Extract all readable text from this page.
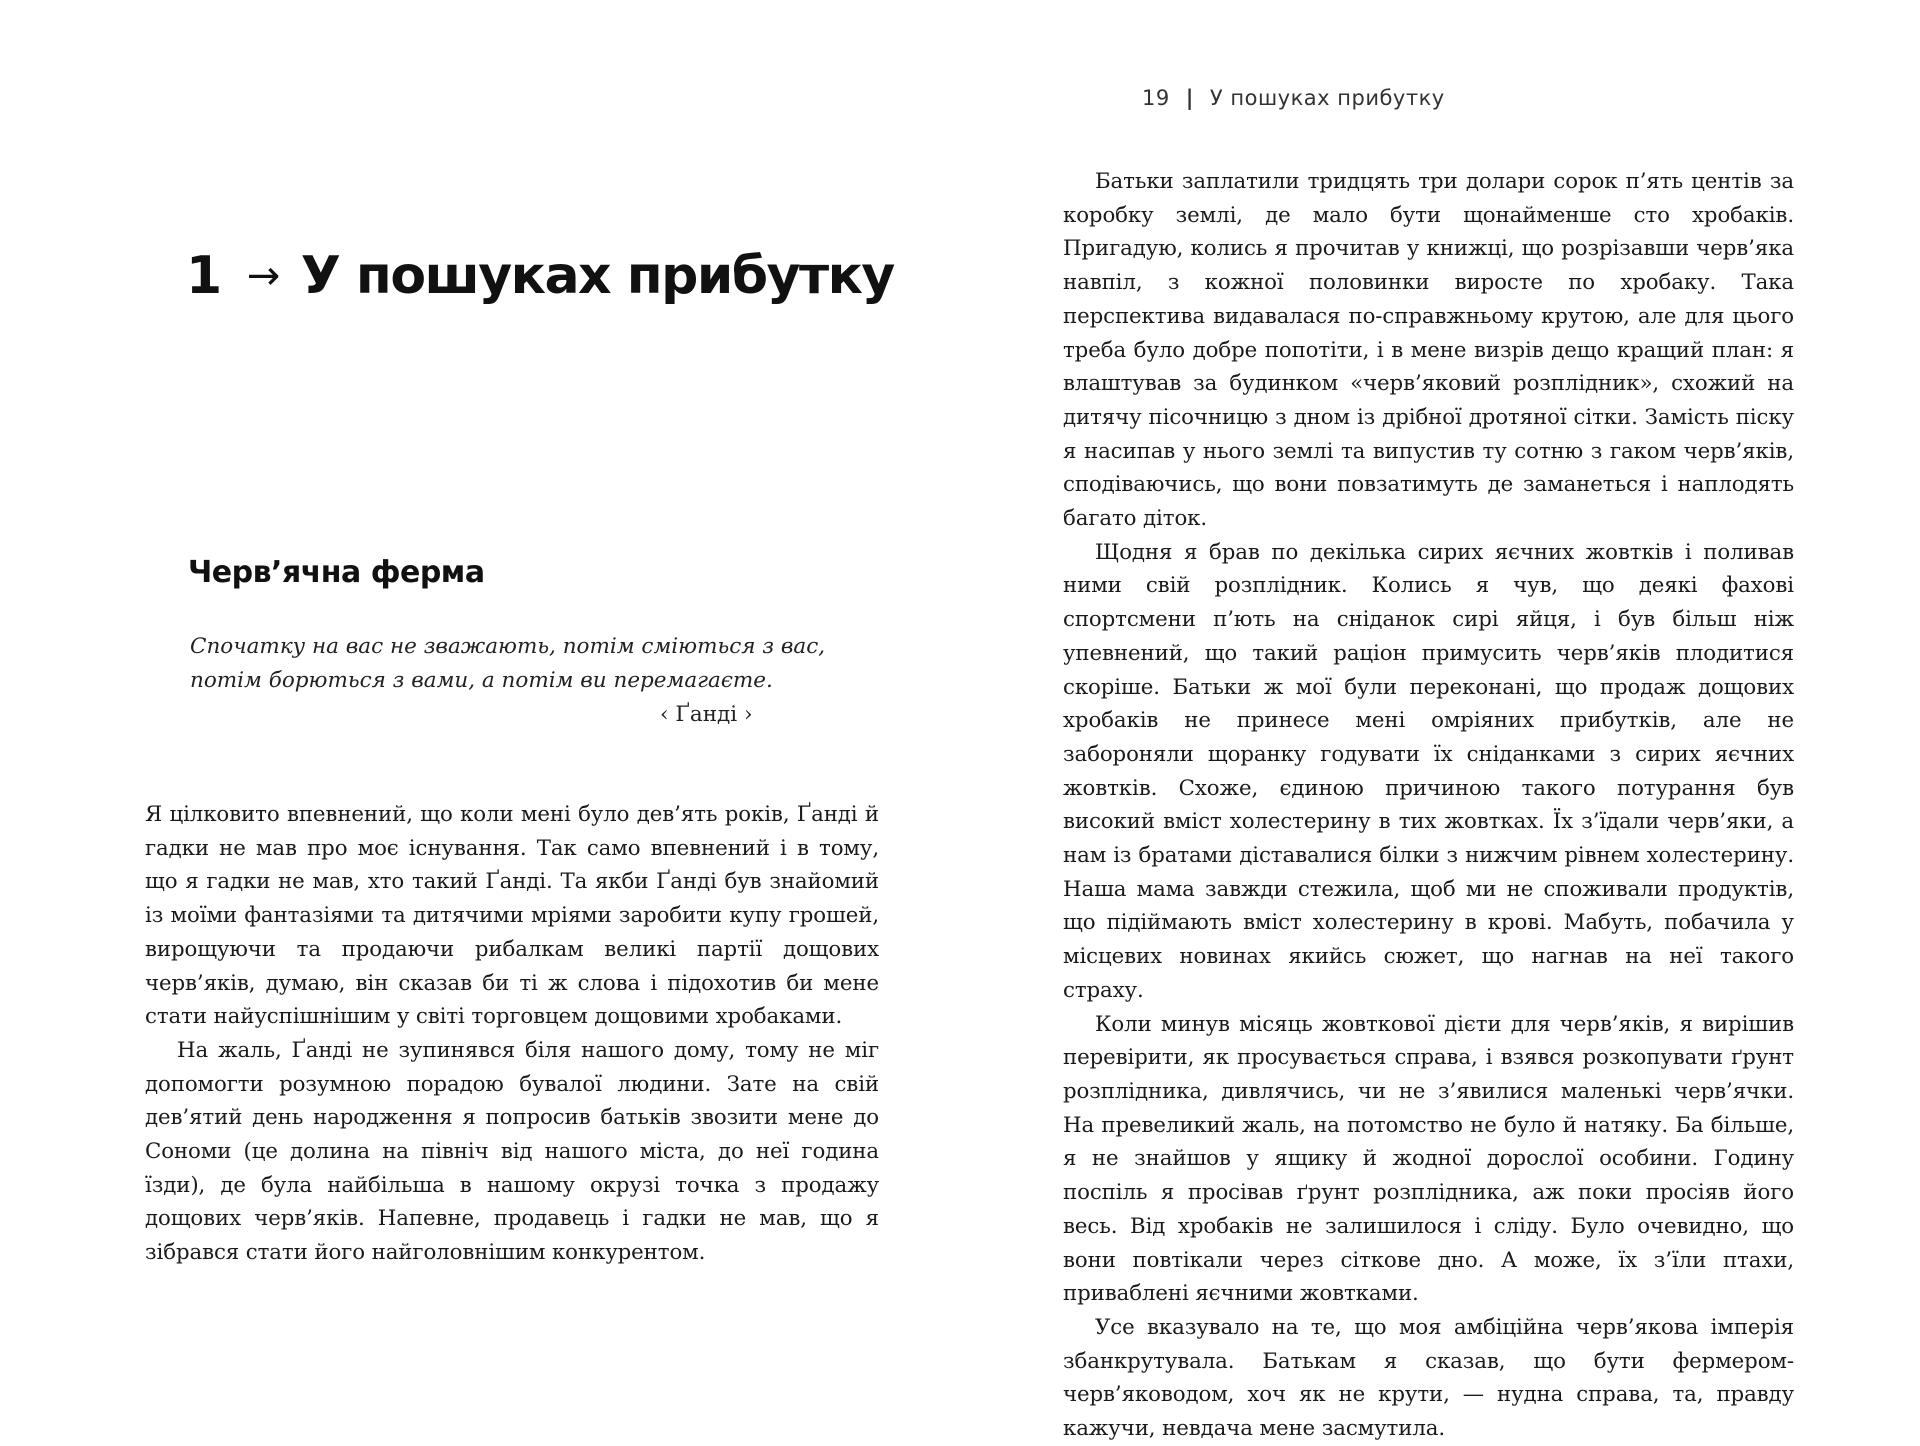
1 → У пошуках прибутку
Черв’ячна ферма
Спочатку на вас не зважають, потім сміються з вас,
потім борються з вами, а потім ви перемагаєте.
‹ Ґанді ›

Я цілковито впевнений, що коли мені було дев’ять років, Ґанді й гадки не мав про моє існування. Так само впевнений і в тому, що я гадки не мав, хто такий Ґанді. Та якби Ґанді був знайомий із моїми фантазіями та дитячими мріями заробити купу грошей, вирощуючи та продаючи рибалкам великі партії дощових черв’яків, думаю, він сказав би ті ж слова і підохотив би мене стати найуспішнішим у світі торговцем дощовими хробаками.

На жаль, Ґанді не зупинявся біля нашого дому, тому не міг допомогти розумною порадою бувалої людини. Зате на свій дев’ятий день народження я попросив батьків звозити мене до Сономи (це долина на північ від нашого міста, до неї година їзди), де була найбільша в нашому окрузі точка з продажу дощових черв’яків. Напевне, продавець і гадки не мав, що я зібрався стати його найголовнішим конкурентом.

19 | У пошуках прибутку

Батьки заплатили тридцять три долари сорок п’ять центів за коробку землі, де мало бути щонайменше сто хробаків. Пригадую, колись я прочитав у книжці, що розрізавши черв’яка навпіл, з кожної половинки виросте по хробаку. Така перспектива видавалася по-справжньому крутою, але для цього треба було добре попотіти, і в мене визрів дещо кращий план: я влаштував за будинком «черв’яковий розплідник», схожий на дитячу пісочницю з дном із дрібної дротяної сітки. Замість піску я насипав у нього землі та випустив ту сотню з гаком черв’яків, сподіваючись, що вони повзатимуть де заманеться і наплодять багато діток.

Щодня я брав по декілька сирих яєчних жовтків і поливав ними свій розплідник. Колись я чув, що деякі фахові спортсмени п’ють на сніданок сирі яйця, і був більш ніж упевнений, що такий раціон примусить черв’яків плодитися скоріше. Батьки ж мої були переконані, що продаж дощових хробаків не принесе мені омріяних прибутків, але не забороняли щоранку годувати їх сніданками з сирих яєчних жовтків. Схоже, єдиною причиною такого потурання був високий вміст холестерину в тих жовтках. Їх з’їдали черв’яки, а нам із братами діставалися білки з нижчим рівнем холестерину. Наша мама завжди стежила, щоб ми не споживали продуктів, що підіймають вміст холестерину в крові. Мабуть, побачила у місцевих новинах якийсь сюжет, що нагнав на неї такого страху.

Коли минув місяць жовткової дієти для черв’яків, я вирішив перевірити, як просувається справа, і взявся розкопувати ґрунт розплідника, дивлячись, чи не з’явилися маленькі черв’ячки. На превеликий жаль, на потомство не було й натяку. Ба більше, я не знайшов у ящику й жодної дорослої особини. Годину поспіль я просівав ґрунт розплідника, аж поки просіяв його весь. Від хробаків не залишилося і сліду. Було очевидно, що вони повтікали через сіткове дно. А може, їх з’їли птахи, приваблені яєчними жовтками.

Усе вказувало на те, що моя амбіційна черв’якова імперія збанкрутувала. Батькам я сказав, що бути фермером-черв’яководом, хоч як не крути, — нудна справа, та, правду кажучи, невдача мене засмутила.
